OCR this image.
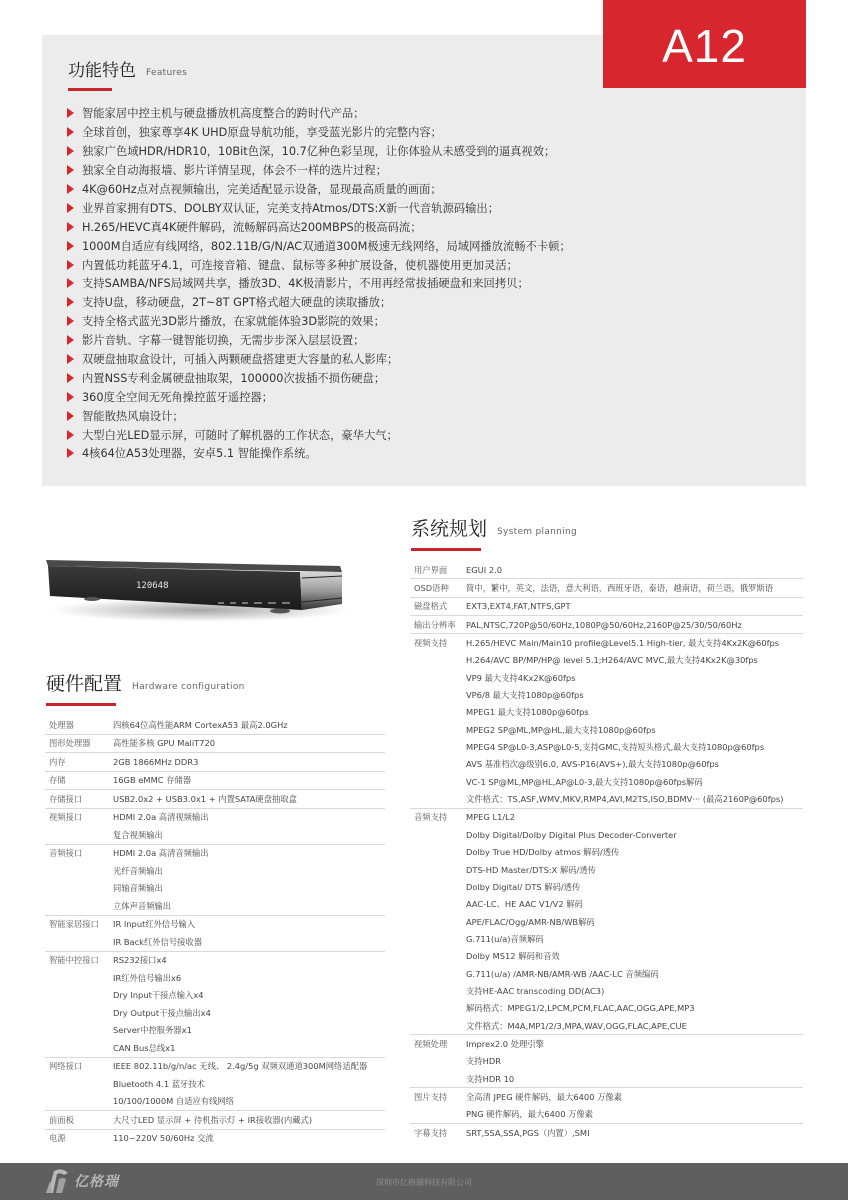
A12
功能特色 Features
智能家居中控主机与硬盘播放机高度整合的跨时代产品；
全球首创，独家尊享4K UHD原盘导航功能，享受蓝光影片的完整内容；
独家广色域HDR/HDR10，10Bit色深，10.7亿种色彩呈现，让你体验从未感受到的逼真视效；
独家全自动海报墙、影片详情呈现，体会不一样的选片过程；
4K@60Hz点对点视频输出，完美适配显示设备，显现最高质量的画面；
业界首家拥有DTS、DOLBY双认证，完美支持Atmos/DTS:X新一代音轨源码输出；
H.265/HEVC真4K硬件解码，流畅解码高达200MBPS的极高码流；
1000M自适应有线网络，802.11B/G/N/AC双通道300M极速无线网络，局域网播放流畅不卡顿；
内置低功耗蓝牙4.1，可连接音箱、键盘、鼠标等多种扩展设备，使机器使用更加灵活；
支持SAMBA/NFS局域网共享，播放3D、4K极清影片，不用再经常拔插硬盘和来回拷贝；
支持U盘，移动硬盘，2T~8T GPT格式超大硬盘的读取播放；
支持全格式蓝光3D影片播放，在家就能体验3D影院的效果；
影片音轨、字幕一键智能切换，无需步步深入层层设置；
双硬盘抽取盒设计，可插入两颗硬盘搭建更大容量的私人影库；
内置NSS专利金属硬盘抽取架，100000次拔插不损伤硬盘；
360度全空间无死角操控蓝牙遥控器；
智能散热风扇设计；
大型白光LED显示屏，可随时了解机器的工作状态，豪华大气；
4核64位A53处理器，安卓5.1 智能操作系统。
120648
硬件配置 Hardware configuration
处理器	四核64位高性能ARM CortexA53 最高2.0GHz
图形处理器	高性能多核 GPU MaliT720
内存	2GB 1866MHz DDR3
存储	16GB eMMC 存储器
存储接口	USB2.0x2 + USB3.0x1 + 内置SATA硬盘抽取盒
视频接口	HDMI 2.0a 高清视频输出
复合视频输出
音频接口	HDMI 2.0a 高清音频输出
光纤音频输出
同轴音频输出
立体声音频输出
智能家居接口	IR Input红外信号输入
IR Back红外信号接收器
智能中控接口	RS232接口x4
IR红外信号输出x6
Dry Input干接点输入x4
Dry Output干接点输出x4
Server中控服务器x1
CAN Bus总线x1
网络接口	IEEE 802.11b/g/n/ac 无线、 2.4g/5g 双频双通道300M网络适配器
Bluetooth 4.1 蓝牙技术
10/100/1000M 自适应有线网络
前面板	大尺寸LED 显示屏 + 待机指示灯 + IR接收器(内藏式)
电源	110~220V 50/60Hz 交流
系统规划 System planning
用户界面	EGUI 2.0
OSD语种	简中，繁中，英文，法语，意大利语，西班牙语，泰语，越南语，荷兰语，俄罗斯语
磁盘格式	EXT3,EXT4,FAT,NTFS,GPT
输出分辨率	PAL,NTSC,720P@50/60Hz,1080P@50/60Hz,2160P@25/30/50/60Hz
视频支持	H.265/HEVC Main/Main10 profile@Level5.1 High-tier, 最大支持4Kx2K@60fps
H.264/AVC BP/MP/HP@ level 5.1;H264/AVC MVC,最大支持4Kx2K@30fps
VP9 最大支持4Kx2K@60fps
VP6/8 最大支持1080p@60fps
MPEG1 最大支持1080p@60fps
MPEG2 SP@ML,MP@HL,最大支持1080p@60fps
MPEG4 SP@L0-3,ASP@L0-5,支持GMC,支持短头格式,最大支持1080p@60fps
AVS 基准档次@级别6.0, AVS-P16(AVS+),最大支持1080p@60fps
VC-1 SP@ML,MP@HL,AP@L0-3,最大支持1080p@60fps解码
文件格式：TS,ASF,WMV,MKV,RMP4,AVI,M2TS,ISO,BDMV··· (最高2160P@60fps)
音频支持	MPEG L1/L2
Dolby Digital/Dolby Digital Plus Decoder-Converter
Dolby True HD/Dolby atmos 解码/透传
DTS-HD Master/DTS:X 解码/透传
Dolby Digital/ DTS 解码/透传
AAC-LC、HE AAC V1/V2 解码
APE/FLAC/Ogg/AMR-NB/WB解码
G.711(u/a)音频解码
Dolby MS12 解码和音效
G.711(u/a) /AMR-NB/AMR-WB /AAC-LC 音频编码
支持HE-AAC transcoding DD(AC3)
解码格式：MPEG1/2,LPCM,PCM,FLAC,AAC,OGG,APE,MP3
文件格式：M4A,MP1/2/3,MPA,WAV,OGG,FLAC,APE,CUE
视频处理	Imprex2.0 处理引擎
支持HDR
支持HDR 10
图片支持	全高清 JPEG 硬件解码，最大6400 万像素
PNG 硬件解码，最大6400 万像素
字幕支持	SRT,SSA,SSA,PGS（内置）,SMI
亿格瑞	深圳市亿格瑞科技有限公司
